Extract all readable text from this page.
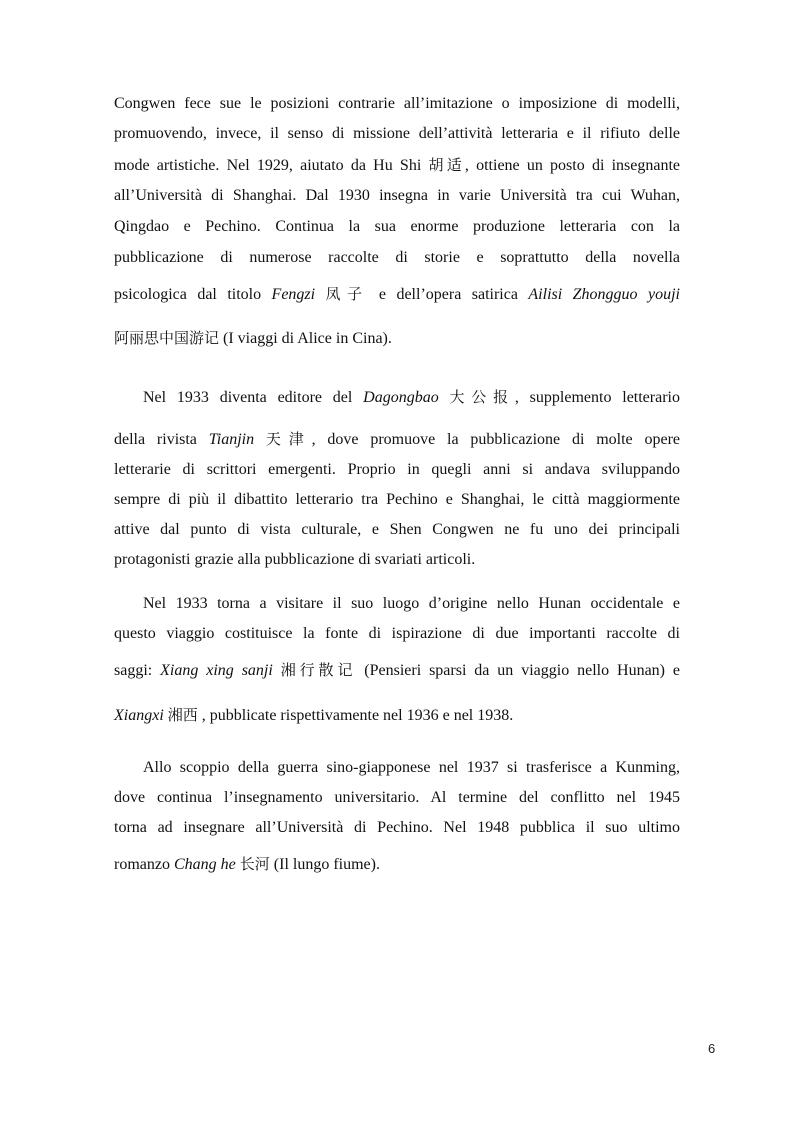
Congwen fece sue le posizioni contrarie all’imitazione o imposizione di modelli,
promuovendo, invece, il senso di missione dell’attività letteraria e il rifiuto delle
mode artistiche. Nel 1929, aiutato da Hu Shi 胡适, ottiene un posto di insegnante
all’Università di Shanghai. Dal 1930 insegna in varie Università tra cui Wuhan,
Qingdao e Pechino. Continua la sua enorme produzione letteraria con la
pubblicazione di numerose raccolte di storie e soprattutto della novella
psicologica dal titolo Fengzi 凤子 e dell’opera satirica Ailisi Zhongguo youji
阿丽思中国游记 (I viaggi di Alice in Cina).
Nel 1933 diventa editore del Dagongbao 大公报, supplemento letterario
della rivista Tianjin 天津, dove promuove la pubblicazione di molte opere
letterarie di scrittori emergenti. Proprio in quegli anni si andava sviluppando
sempre di più il dibattito letterario tra Pechino e Shanghai, le città maggiormente
attive dal punto di vista culturale, e Shen Congwen ne fu uno dei principali
protagonisti grazie alla pubblicazione di svariati articoli.
Nel 1933 torna a visitare il suo luogo d’origine nello Hunan occidentale e
questo viaggio costituisce la fonte di ispirazione di due importanti raccolte di
saggi: Xiang xing sanji 湘行散记 (Pensieri sparsi da un viaggio nello Hunan) e
Xiangxi 湘西 , pubblicate rispettivamente nel 1936 e nel 1938.
Allo scoppio della guerra sino-giapponese nel 1937 si trasferisce a Kunming,
dove continua l’insegnamento universitario. Al termine del conflitto nel 1945
torna ad insegnare all’Università di Pechino. Nel 1948 pubblica il suo ultimo
romanzo Chang he 长河 (Il lungo fiume).
6
